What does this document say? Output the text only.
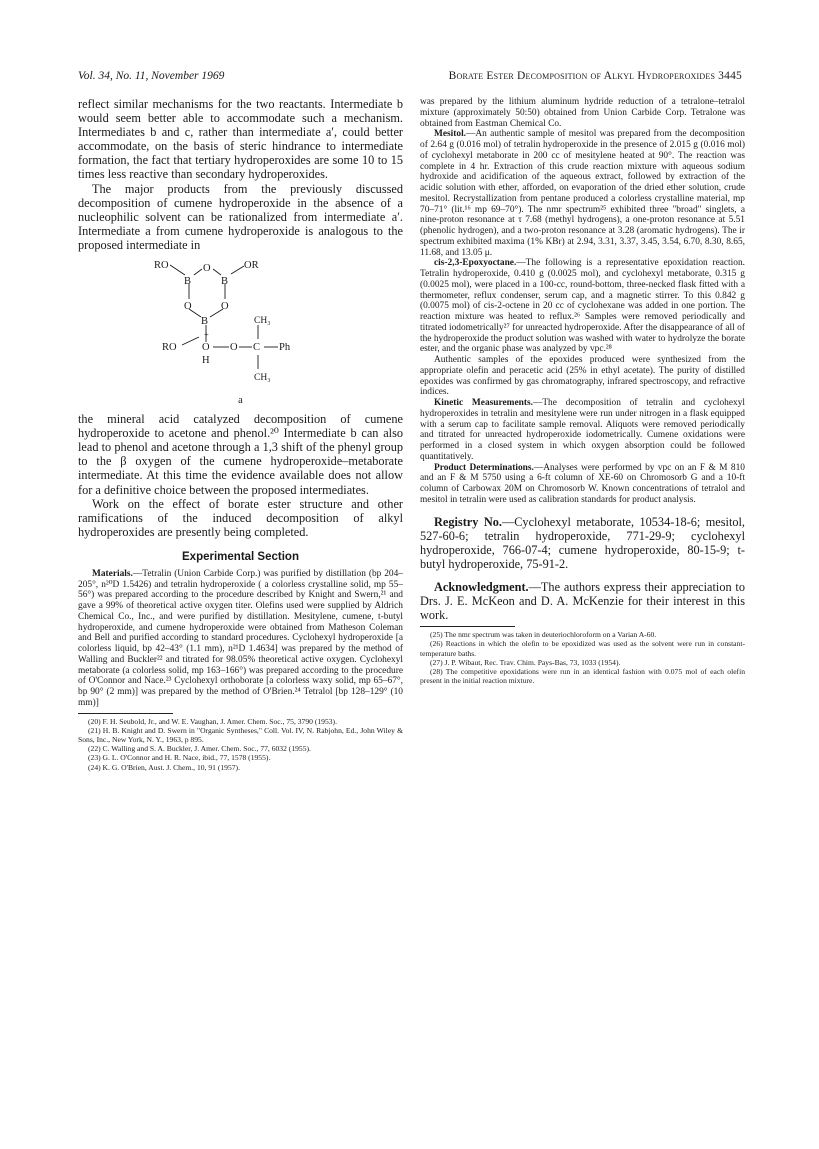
Vol. 34, No. 11, November 1969	Borate Ester Decomposition of Alkyl Hydroperoxides 3445

reflect similar mechanisms for the two reactants. Intermediate b would seem better able to accommodate such a mechanism. Intermediates b and c, rather than intermediate a′, could better accommodate, on the basis of steric hindrance to intermediate formation, the fact that tertiary hydroperoxides are some 10 to 15 times less reactive than secondary hydroperoxides.

The major products from the previously discussed decomposition of cumene hydroperoxide in the absence of a nucleophilic solvent can be rationalized from intermediate a′. Intermediate a from cumene hydroperoxide is analogous to the proposed intermediate in

RO
B
O
B
OR
O	O
B	CH₃
+
RO O O C Ph
H
CH₃
a

the mineral acid catalyzed decomposition of cumene hydroperoxide to acetone and phenol.²⁰ Intermediate b can also lead to phenol and acetone through a 1,3 shift of the phenyl group to the β oxygen of the cumene hydroperoxide–metaborate intermediate. At this time the evidence available does not allow for a definitive choice between the proposed intermediates.

Work on the effect of borate ester structure and other ramifications of the induced decomposition of alkyl hydroperoxides are presently being completed.

Experimental Section

Materials.—Tetralin (Union Carbide Corp.) was purified by distillation (bp 204–205°, n²⁰D 1.5426) and tetralin hydroperoxide ( a colorless crystalline solid, mp 55–56°) was prepared according to the procedure described by Knight and Swern,²¹ and gave a 99% of theoretical active oxygen titer. Olefins used were supplied by Aldrich Chemical Co., Inc., and were purified by distillation. Mesitylene, cumene, t-butyl hydroperoxide, and cumene hydroperoxide were obtained from Matheson Coleman and Bell and purified according to standard procedures. Cyclohexyl hydroperoxide [a colorless liquid, bp 42–43° (1.1 mm), n²¹D 1.4634] was prepared by the method of Walling and Buckler²² and titrated for 98.05% theoretical active oxygen. Cyclohexyl metaborate (a colorless solid, mp 163–166°) was prepared according to the procedure of O'Connor and Nace.²³ Cyclohexyl orthoborate [a colorless waxy solid, mp 65–67°, bp 90° (2 mm)] was prepared by the method of O'Brien.²⁴ Tetralol [bp 128–129° (10 mm)]

(20) F. H. Seubold, Jr., and W. E. Vaughan, J. Amer. Chem. Soc., 75, 3790 (1953).

(21) H. B. Knight and D. Swern in "Organic Syntheses," Coll. Vol. IV, N. Rabjohn, Ed., John Wiley & Sons, Inc., New York, N. Y., 1963, p 895.

(22) C. Walling and S. A. Buckler, J. Amer. Chem. Soc., 77, 6032 (1955).

(23) G. L. O'Connor and H. R. Nace, ibid., 77, 1578 (1955).

(24) K. G. O'Brien, Aust. J. Chem., 10, 91 (1957).

was prepared by the lithium aluminum hydride reduction of a tetralone–tetralol mixture (approximately 50:50) obtained from Union Carbide Corp. Tetralone was obtained from Eastman Chemical Co.

Mesitol.—An authentic sample of mesitol was prepared from the decomposition of 2.64 g (0.016 mol) of tetralin hydroperoxide in the presence of 2.015 g (0.016 mol) of cyclohexyl metaborate in 200 cc of mesitylene heated at 90°. The reaction was complete in 4 hr. Extraction of this crude reaction mixture with aqueous sodium hydroxide and acidification of the aqueous extract, followed by extraction of the acidic solution with ether, afforded, on evaporation of the dried ether solution, crude mesitol. Recrystallization from pentane produced a colorless crystalline material, mp 70–71° (lit.¹⁶ mp 69–70°). The nmr spectrum²⁵ exhibited three "broad" singlets, a nine-proton resonance at τ 7.68 (methyl hydrogens), a one-proton resonance at 5.51 (phenolic hydrogen), and a two-proton resonance at 3.28 (aromatic hydrogens). The ir spectrum exhibited maxima (1% KBr) at 2.94, 3.31, 3.37, 3.45, 3.54, 6.70, 8.30, 8.65, 11.68, and 13.05 μ.

cis-2,3-Epoxyoctane.—The following is a representative epoxidation reaction. Tetralin hydroperoxide, 0.410 g (0.0025 mol), and cyclohexyl metaborate, 0.315 g (0.0025 mol), were placed in a 100-cc, round-bottom, three-necked flask fitted with a thermometer, reflux condenser, serum cap, and a magnetic stirrer. To this 0.842 g (0.0075 mol) of cis-2-octene in 20 cc of cyclohexane was added in one portion. The reaction mixture was heated to reflux.²⁶ Samples were removed periodically and titrated iodometrically²⁷ for unreacted hydroperoxide. After the disappearance of all of the hydroperoxide the product solution was washed with water to hydrolyze the borate ester, and the organic phase was analyzed by vpc.²⁸

Authentic samples of the epoxides produced were synthesized from the appropriate olefin and peracetic acid (25% in ethyl acetate). The purity of distilled epoxides was confirmed by gas chromatography, infrared spectroscopy, and refractive indices.

Kinetic Measurements.—The decomposition of tetralin and cyclohexyl hydroperoxides in tetralin and mesitylene were run under nitrogen in a flask equipped with a serum cap to facilitate sample removal. Aliquots were removed periodically and titrated for unreacted hydroperoxide iodometrically. Cumene oxidations were performed in a closed system in which oxygen absorption could be followed quantitatively.

Product Determinations.—Analyses were performed by vpc on an F & M 810 and an F & M 5750 using a 6-ft column of XE-60 on Chromosorb G and a 10-ft column of Carbowax 20M on Chromosorb W. Known concentrations of tetralol and mesitol in tetralin were used as calibration standards for product analysis.

Registry No.—Cyclohexyl metaborate, 10534-18-6; mesitol, 527-60-6; tetralin hydroperoxide, 771-29-9; cyclohexyl hydroperoxide, 766-07-4; cumene hydroperoxide, 80-15-9; t-butyl hydroperoxide, 75-91-2.

Acknowledgment.—The authors express their appreciation to Drs. J. E. McKeon and D. A. McKenzie for their interest in this work.

(25) The nmr spectrum was taken in deuteriochloroform on a Varian A-60.

(26) Reactions in which the olefin to be epoxidized was used as the solvent were run in constant-temperature baths.

(27) J. P. Wibaut, Rec. Trav. Chim. Pays-Bas, 73, 1033 (1954).

(28) The competitive epoxidations were run in an identical fashion with 0.075 mol of each olefin present in the initial reaction mixture.
